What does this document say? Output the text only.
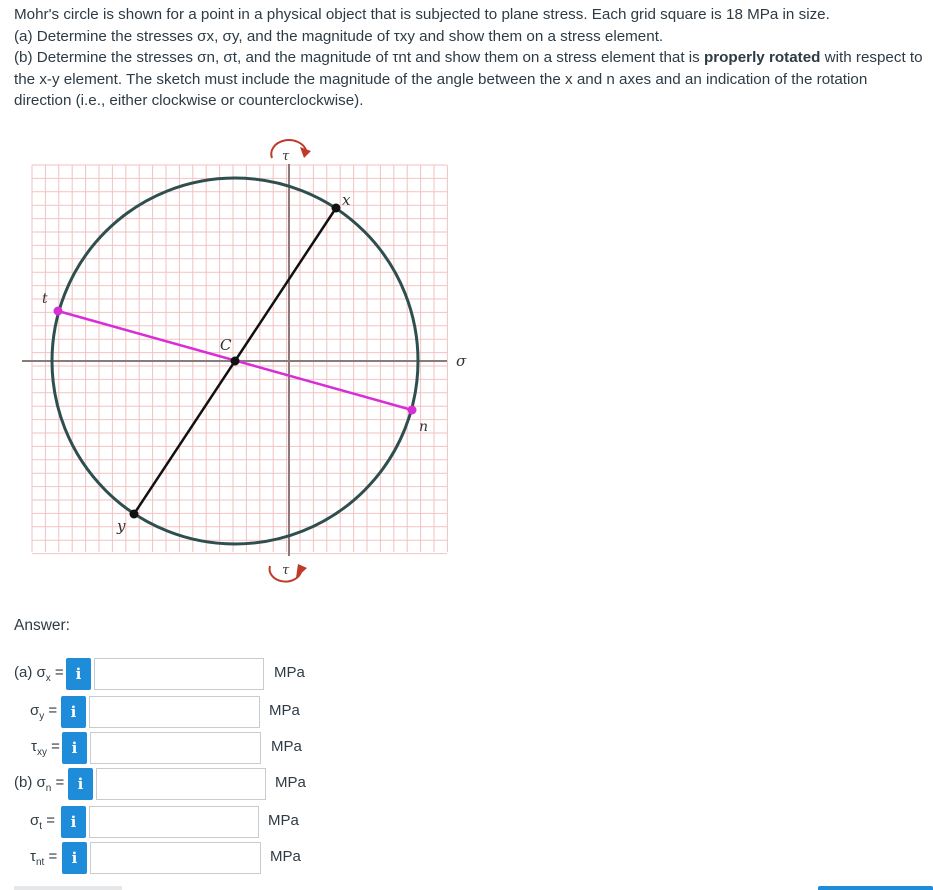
Mohr's circle is shown for a point in a physical object that is subjected to plane stress. Each grid square is 18 MPa in size.

(a) Determine the stresses σx, σy, and the magnitude of τxy and show them on a stress element.

(b) Determine the stresses σn, σt, and the magnitude of τnt and show them on a stress element that is properly rotated with respect to

the x-y element. The sketch must include the magnitude of the angle between the x and n axes and an indication of the rotation

direction (i.e., either clockwise or counterclockwise).

τ
τ
σ
C
x
y
t
n
Answer:
(a) $\sigma_x = i$	MPa
$\sigma_y = i$	MPa
$\tau_{xy} = i$	MPa
(b) $\sigma_n = i$	MPa
$\sigma_t$ =	i	MPa
$\tau_{nt} = i$	MPa
